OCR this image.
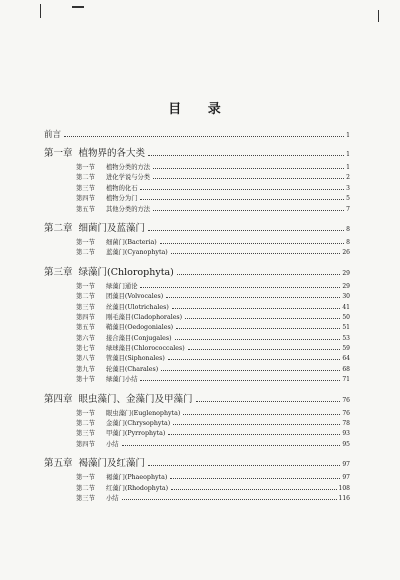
目 录
前言	1
第一章 植物界的各大类	1
第一节 植物分类的方法	1
第二节 进化学说与分类	2
第三节 植物的化石	3
第四节 植物分为门	5
第五节 其他分类的方法	7
第二章 细菌门及蓝藻门	8
第一节 细菌门(Bacteria)	8
第二节 蓝藻门(Cyanophyta)	26
第三章 绿藻门(Chlorophyta)	29
第一节 绿藻门通论	29
第二节 团藻目(Volvocales)	30
第三节 丝藻目(Ulotrichales)	41
第四节 刚毛藻目(Cladophorales)	50
第五节 鞘藻目(Oedogoniales)	51
第六节 接合藻目(Conjugales)	53
第七节 绿球藻目(Chlorococcales)	59
第八节 管藻目(Siphonales)	64
第九节 轮藻目(Charales)	68
第十节 绿藻门小结	71
第四章 眼虫藻门、金藻门及甲藻门	76
第一节 眼虫藻门(Euglenophyta)	76
第二节 金藻门(Chrysophyta)	78
第三节 甲藻门(Pyrrophyta)	93
第四节 小结	95
第五章 褐藻门及红藻门	97
第一节 褐藻门(Phaeophyta)	97
第二节 红藻门(Rhodophyta)	108
第三节 小结	116
